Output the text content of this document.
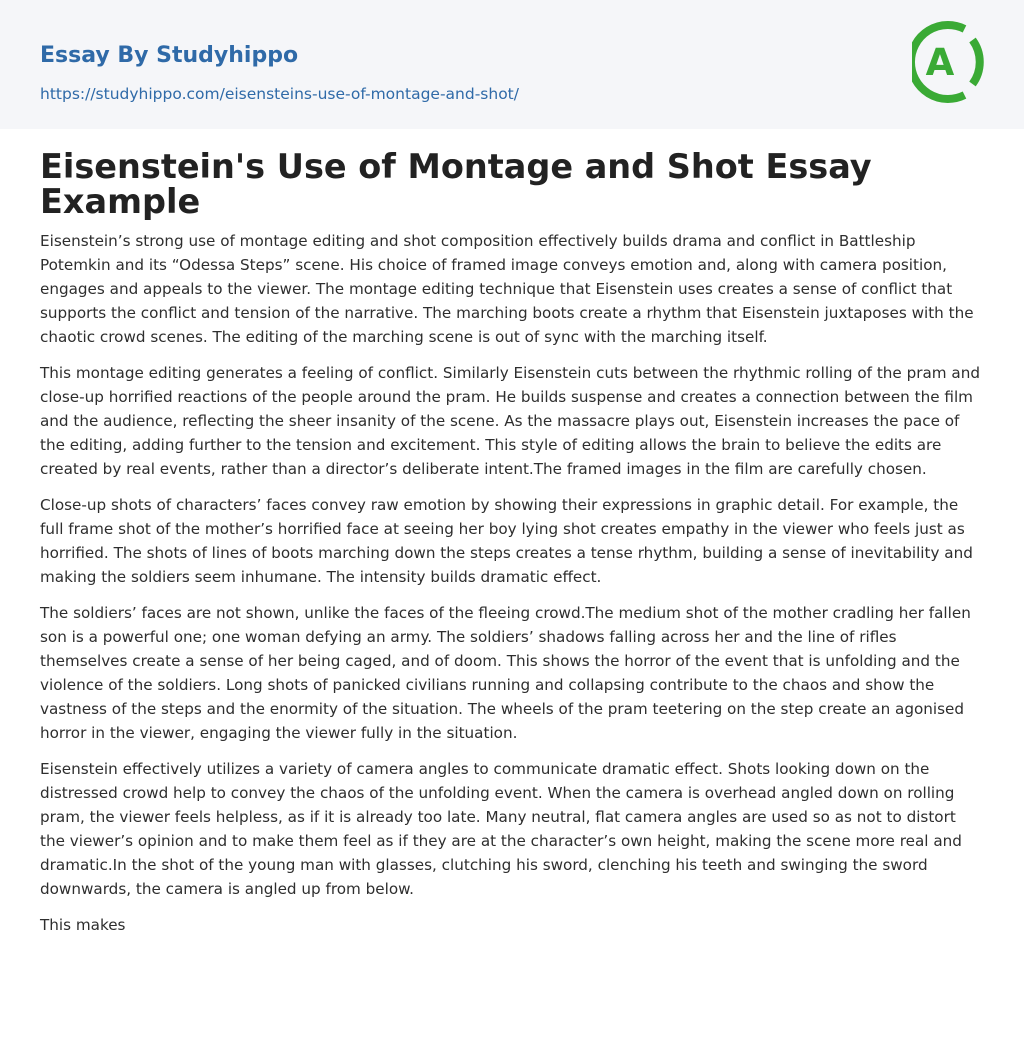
Essay By Studyhippo
https://studyhippo.com/eisensteins-use-of-montage-and-shot/
A
Eisenstein's Use of Montage and Shot Essay Example

Eisenstein’s strong use of montage editing and shot composition effectively builds drama and conflict in Battleship Potemkin and its “Odessa Steps” scene. His choice of framed image conveys emotion and, along with camera position, engages and appeals to the viewer. The montage editing technique that Eisenstein uses creates a sense of conflict that supports the conflict and tension of the narrative. The marching boots create a rhythm that Eisenstein juxtaposes with the chaotic crowd scenes. The editing of the marching scene is out of sync with the marching itself.

This montage editing generates a feeling of conflict. Similarly Eisenstein cuts between the rhythmic rolling of the pram and close-up horrified reactions of the people around the pram. He builds suspense and creates a connection between the film and the audience, reflecting the sheer insanity of the scene. As the massacre plays out, Eisenstein increases the pace of the editing, adding further to the tension and excitement. This style of editing allows the brain to believe the edits are created by real events, rather than a director’s deliberate intent.The framed images in the film are carefully chosen.

Close-up shots of characters’ faces convey raw emotion by showing their expressions in graphic detail. For example, the full frame shot of the mother’s horrified face at seeing her boy lying shot creates empathy in the viewer who feels just as horrified. The shots of lines of boots marching down the steps creates a tense rhythm, building a sense of inevitability and making the soldiers seem inhumane. The intensity builds dramatic effect.

The soldiers’ faces are not shown, unlike the faces of the fleeing crowd.The medium shot of the mother cradling her fallen son is a powerful one; one woman defying an army. The soldiers’ shadows falling across her and the line of rifles themselves create a sense of her being caged, and of doom. This shows the horror of the event that is unfolding and the violence of the soldiers. Long shots of panicked civilians running and collapsing contribute to the chaos and show the vastness of the steps and the enormity of the situation. The wheels of the pram teetering on the step create an agonised horror in the viewer, engaging the viewer fully in the situation.

Eisenstein effectively utilizes a variety of camera angles to communicate dramatic effect. Shots looking down on the distressed crowd help to convey the chaos of the unfolding event. When the camera is overhead angled down on rolling pram, the viewer feels helpless, as if it is already too late. Many neutral, flat camera angles are used so as not to distort the viewer’s opinion and to make them feel as if they are at the character’s own height, making the scene more real and dramatic.In the shot of the young man with glasses, clutching his sword, clenching his teeth and swinging the sword downwards, the camera is angled up from below.

This makes
